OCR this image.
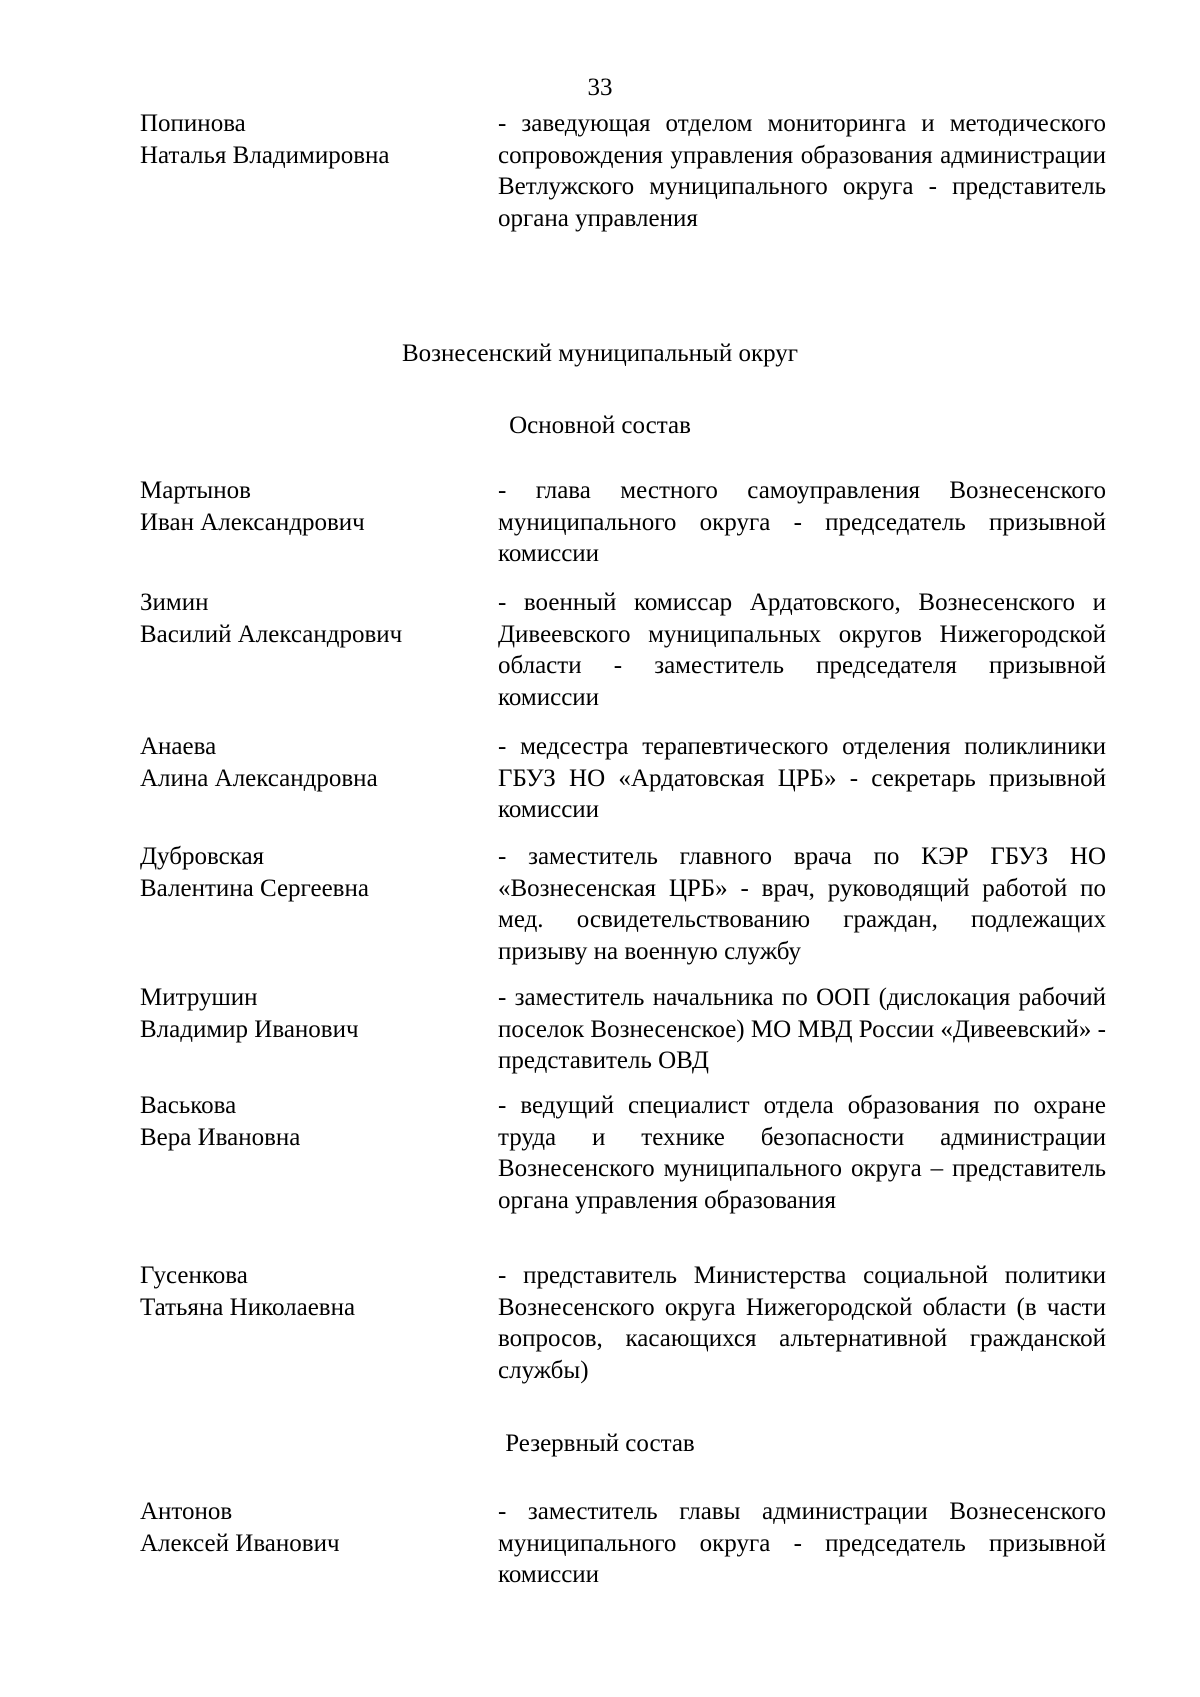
33
Попинова
Наталья Владимировна
- заведующая отделом мониторинга и методического сопровождения управления образования администрации Ветлужского муниципального округа - представитель органа управления
Вознесенский муниципальный округ
Основной состав
Мартынов
Иван Александрович
- глава местного самоуправления Вознесенского муниципального округа - председатель призывной комиссии
Зимин
Василий Александрович
- военный комиссар Ардатовского, Вознесенского и Дивеевского муниципальных округов Нижегородской области - заместитель председателя призывной комиссии
Анаева
Алина Александровна
- медсестра терапевтического отделения поликлиники ГБУЗ НО «Ардатовская ЦРБ» - секретарь призывной комиссии
Дубровская
Валентина Сергеевна
- заместитель главного врача по КЭР ГБУЗ НО «Вознесенская ЦРБ» - врач, руководящий работой по мед. освидетельствованию граждан, подлежащих призыву на военную службу
Митрушин
Владимир Иванович
- заместитель начальника по ООП (дислокация рабочий поселок Вознесенское) МО МВД России «Дивеевский» - представитель ОВД
Васькова
Вера Ивановна
- ведущий специалист отдела образования по охране труда и технике безопасности администрации Вознесенского муниципального округа – представитель органа управления образования
Гусенкова
Татьяна Николаевна
- представитель Министерства социальной политики Вознесенского округа Нижегородской области (в части вопросов, касающихся альтернативной гражданской службы)
Резервный состав
Антонов
Алексей Иванович
- заместитель главы администрации Вознесенского муниципального округа - председатель призывной комиссии
